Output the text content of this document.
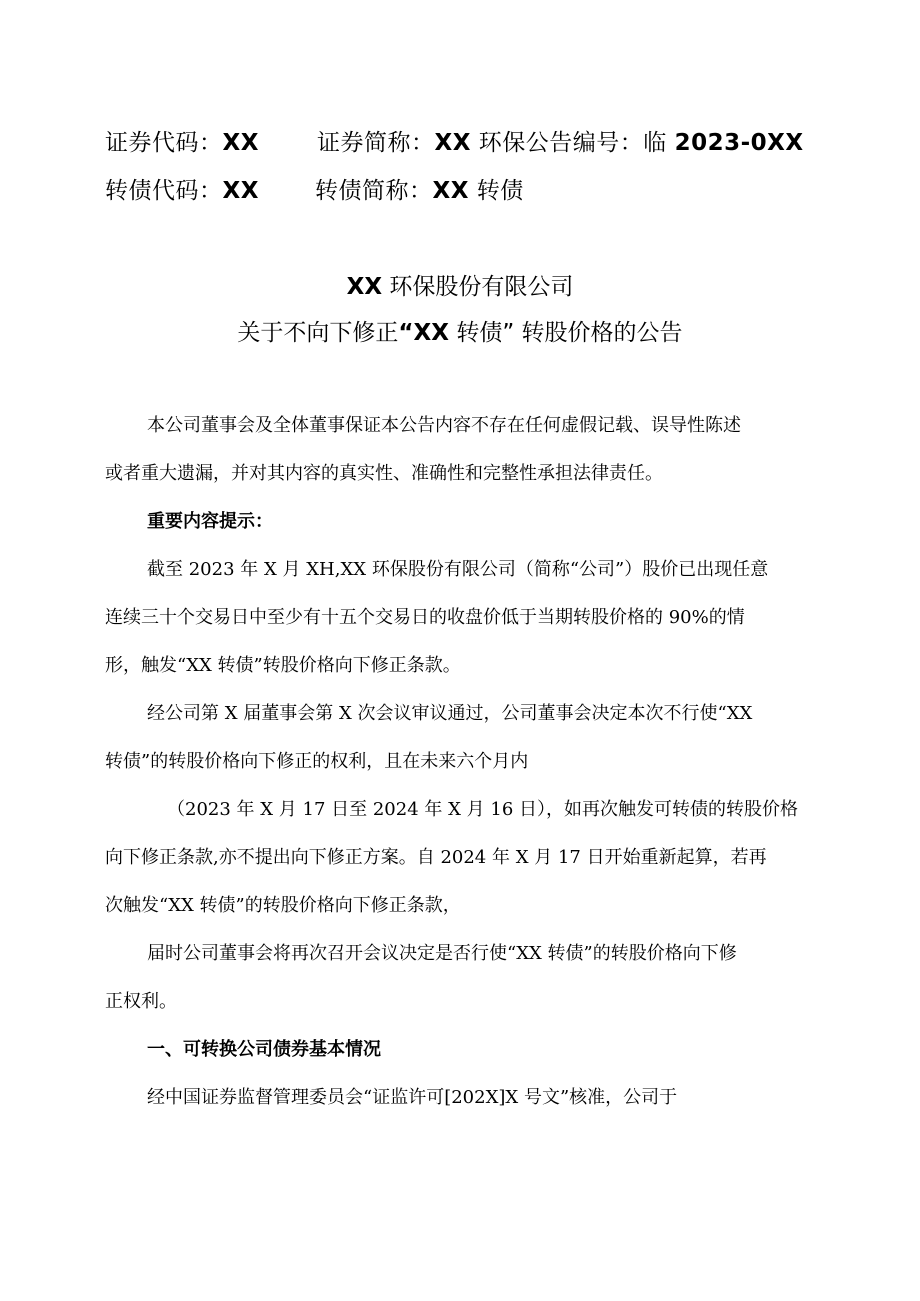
证券代码：XX	证券简称：XX 环保公告编号：临 2023-0XX
转债代码：XX 转债简称：XX 转债
XX 环保股份有限公司
关于不向下修正“XX 转债” 转股价格的公告

本公司董事会及全体董事保证本公告内容不存在任何虚假记载、误导性陈述

或者重大遗漏，并对其内容的真实性、准确性和完整性承担法律责任。

重要内容提示：

截至 2023 年 X 月 XH,XX 环保股份有限公司（简称“公司”）股价已出现任意

连续三十个交易日中至少有十五个交易日的收盘价低于当期转股价格的 90%的情

形，触发“XX 转债”转股价格向下修正条款。

经公司第 X 届董事会第 X 次会议审议通过，公司董事会决定本次不行使“XX

转债”的转股价格向下修正的权利，且在未来六个月内

（2023 年 X 月 17 日至 2024 年 X 月 16 日），如再次触发可转债的转股价格

向下修正条款,亦不提出向下修正方案。自 2024 年 X 月 17 日开始重新起算，若再

次触发“XX 转债”的转股价格向下修正条款，

届时公司董事会将再次召开会议决定是否行使“XX 转债”的转股价格向下修

正权利。

一、可转换公司债券基本情况

经中国证券监督管理委员会“证监许可[202X]X 号文”核准，公司于
